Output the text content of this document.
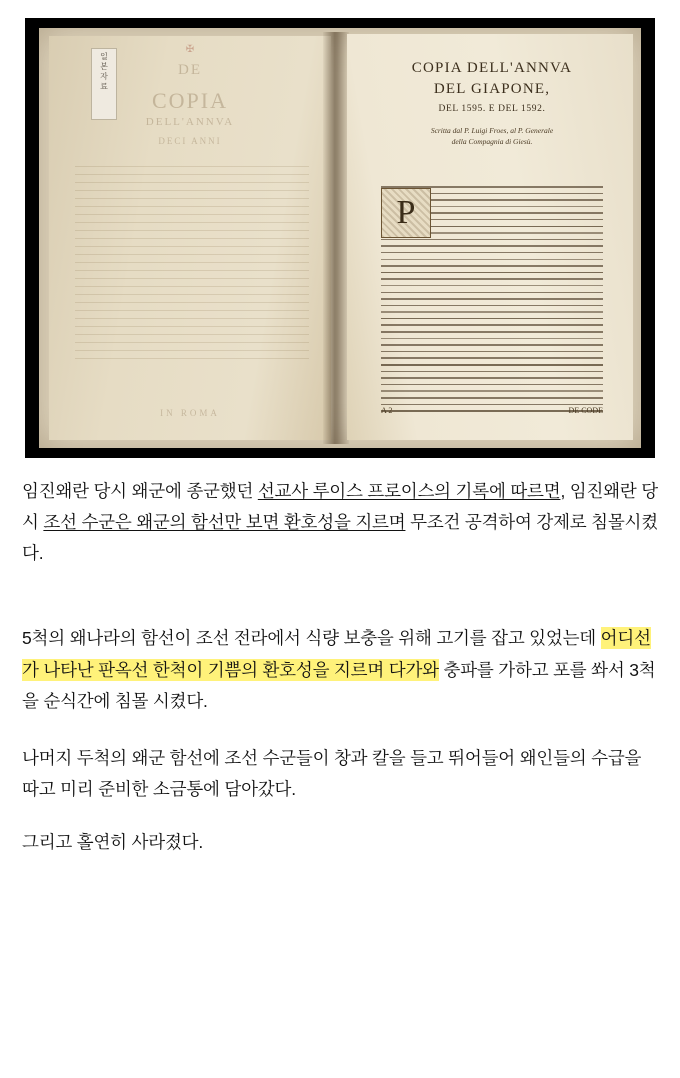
✠
DE
COPIA
DELL'ANNVA
DECI ANNI
IN ROMA
일
본
자
료
COPIA DELL'ANNVA
DEL GIAPONE,
DEL 1595. E DEL 1592.
Scritta dal P. Luigi Froes, al P. Generale
della Compagnia di Giesù.
P
A 2	DE CODE

임진왜란 당시 왜군에 종군했던 선교사 루이스 프로이스의 기록에 따르면, 임진왜란 당시 조선 수군은 왜군의 함선만 보면 환호성을 지르며 무조건 공격하여 강제로 침몰시켰다.

5척의 왜나라의 함선이 조선 전라에서 식량 보충을 위해 고기를 잡고 있었는데 어디선가 나타난 판옥선 한척이 기쁨의 환호성을 지르며 다가와 충파를 가하고 포를 쏴서 3척을 순식간에 침몰 시켰다.

나머지 두척의 왜군 함선에 조선 수군들이 창과 칼을 들고 뛰어들어 왜인들의 수급을 따고 미리 준비한 소금통에 담아갔다.

그리고 홀연히 사라졌다.
